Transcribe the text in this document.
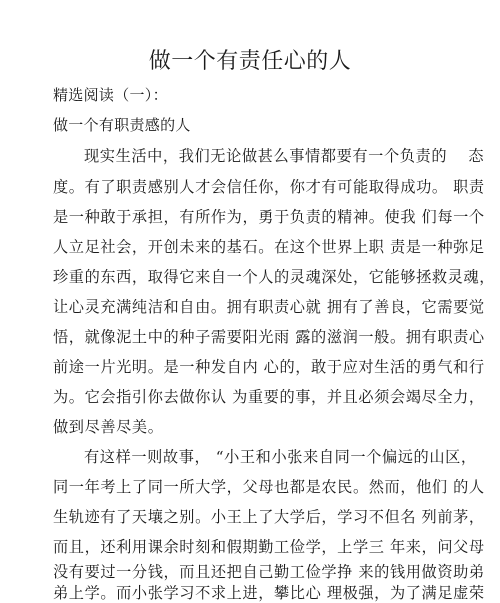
做一个有责任心的人
精选阅读（一）：
做一个有职责感的人
现实生活中，我们无论做甚么事情都要有一个负责的　 态
度。有了职责感别人才会信任你，你才有可能取得成功。 职责
是一种敢于承担，有所作为，勇于负责的精神。使我 们每一个
人立足社会，开创未来的基石。在这个世界上职 责是一种弥足
珍重的东西，取得它来自一个人的灵魂深处，它能够拯救灵魂，
让心灵充满纯洁和自由。拥有职责心就 拥有了善良，它需要觉
悟，就像泥土中的种子需要阳光雨 露的滋润一般。拥有职责心
前途一片光明。是一种发自内 心的，敢于应对生活的勇气和行
为。它会指引你去做你认 为重要的事，并且必须会竭尽全力，
做到尽善尽美。
有这样一则故事， “小王和小张来自同一个偏远的山区，
同一年考上了同一所大学，父母也都是农民。然而，他们 的人
生轨迹有了天壤之别。小王上了大学后，学习不但名 列前茅，
而且，还利用课余时刻和假期勤工俭学，上学三 年来，问父母
没有要过一分钱，而且还把自己勤工俭学挣 来的钱用做资助弟
弟上学。而小张学习不求上进，攀比心 理极强，为了满足虚荣
